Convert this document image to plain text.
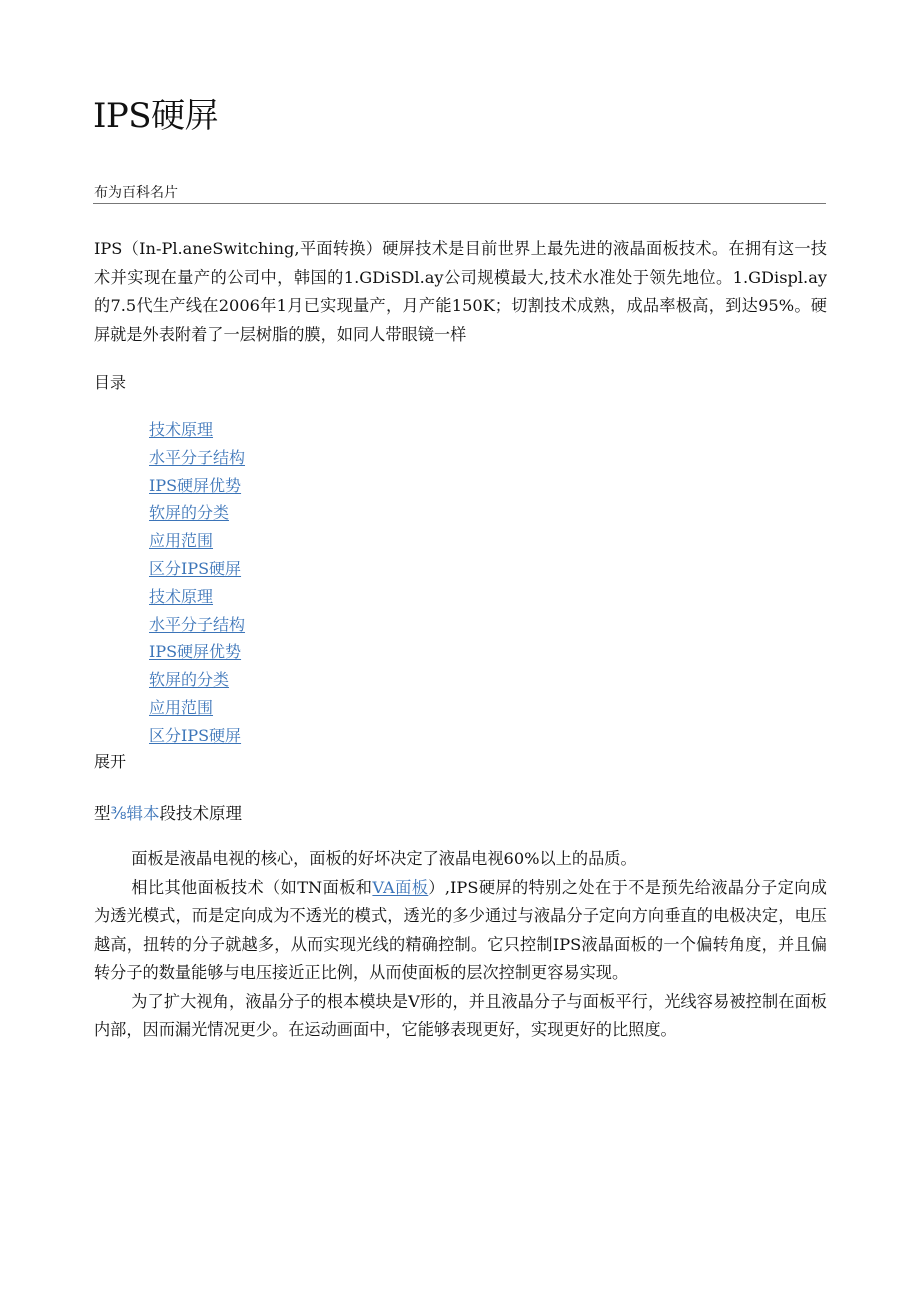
IPS硬屏
布为百科名片

IPS（In-Pl.aneSwitching,平面转换）硬屏技术是目前世界上最先进的液晶面板技术。在拥有这一技术并实现在量产的公司中，韩国的1.GDiSDl.ay公司规模最大,技术水准处于领先地位。1.GDispl.ay的7.5代生产线在2006年1月已实现量产，月产能150K；切割技术成熟，成品率极高，到达95%。硬屏就是外表附着了一层树脂的膜，如同人带眼镜一样

目录
技术原理
水平分子结构
IPS硬屏优势
软屏的分类
应用范围
区分IPS硬屏
技术原理
水平分子结构
IPS硬屏优势
软屏的分类
应用范围
区分IPS硬屏
展开
型⅜辑本段技术原理

面板是液晶电视的核心，面板的好坏决定了液晶电视60%以上的品质。

相比其他面板技术（如TN面板和VA面板）,IPS硬屏的特别之处在于不是预先给液晶分子定向成为透光模式，而是定向成为不透光的模式，透光的多少通过与液晶分子定向方向垂直的电极决定，电压越高，扭转的分子就越多，从而实现光线的精确控制。它只控制IPS液晶面板的一个偏转角度，并且偏转分子的数量能够与电压接近正比例，从而使面板的层次控制更容易实现。

为了扩大视角，液晶分子的根本模块是V形的，并且液晶分子与面板平行，光线容易被控制在面板内部，因而漏光情况更少。在运动画面中，它能够表现更好，实现更好的比照度。
